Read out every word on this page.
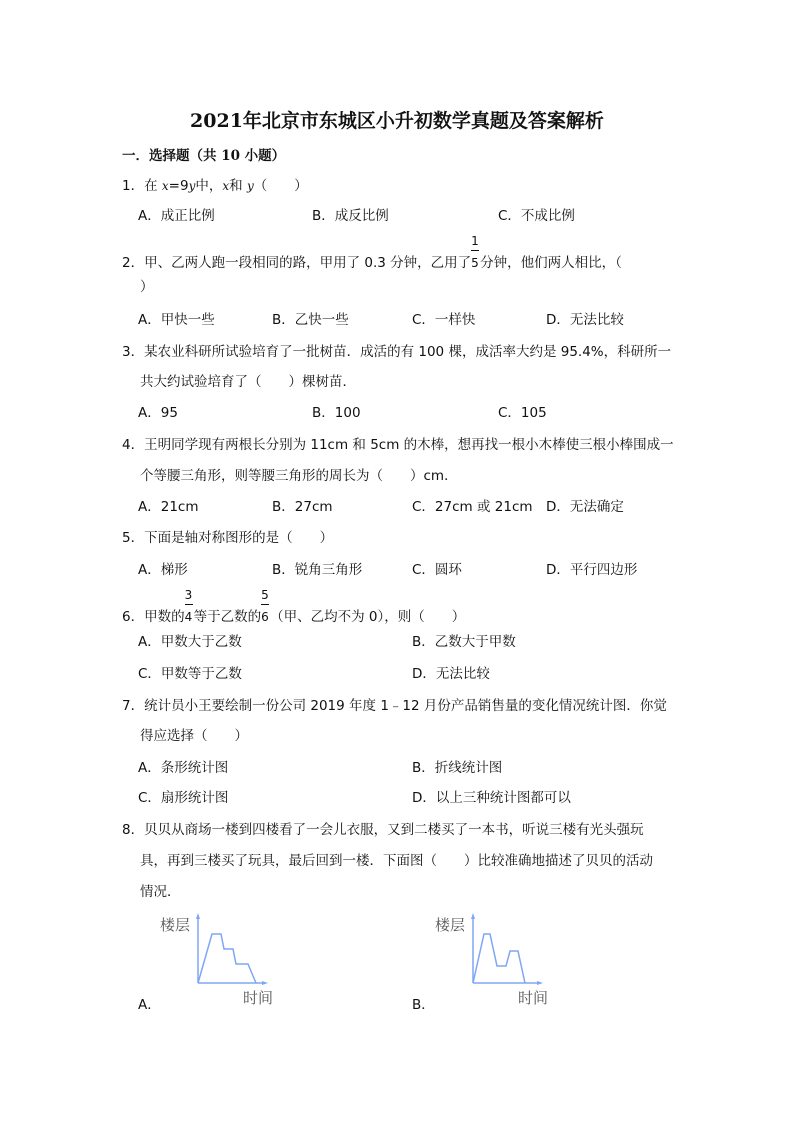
2021年北京市东城区小升初数学真题及答案解析
一．选择题（共 10 小题）
1．在 x=9y中，x和 y（　　）
A．成正比例	B．成反比例	C．不成比例
2．甲、乙两人跑一段相同的路，甲用了 0.3 分钟，乙用了 $\frac{1}{5}$分钟，他们两人相比，（
）
A．甲快一些	B．乙快一些	C．一样快	D．无法比较
3．某农业科研所试验培育了一批树苗．成活的有 100 棵，成活率大约是 95.4%，科研所一
共大约试验培育了（　　）棵树苗．
A．95	B．100	C．105
4．王明同学现有两根长分别为 11cm 和 5cm 的木棒，想再找一根小木棒使三根小棒围成一
个等腰三角形，则等腰三角形的周长为（　　）cm．
A．21cm	B．27cm	C．27cm 或 21cm D．无法确定
5．下面是轴对称图形的是（　　）
A．梯形	B．锐角三角形	C．圆环	D．平行四边形
6．甲数的 $\frac{3}{4}$等于乙数的 $\frac{5}{6}$（甲、乙均不为 0），则（　　）
A．甲数大于乙数	B．乙数大于甲数
C．甲数等于乙数	D．无法比较
7．统计员小王要绘制一份公司 2019 年度 1﹣12 月份产品销售量的变化情况统计图．你觉
得应选择（　　）
A．条形统计图	B．折线统计图
C．扇形统计图	D．以上三种统计图都可以
8．贝贝从商场一楼到四楼看了一会儿衣服，又到二楼买了一本书，听说三楼有光头强玩
具，再到三楼买了玩具，最后回到一楼．下面图（　　）比较准确地描述了贝贝的活动
情况．
楼层
时间
楼层
时间
A．	B．
